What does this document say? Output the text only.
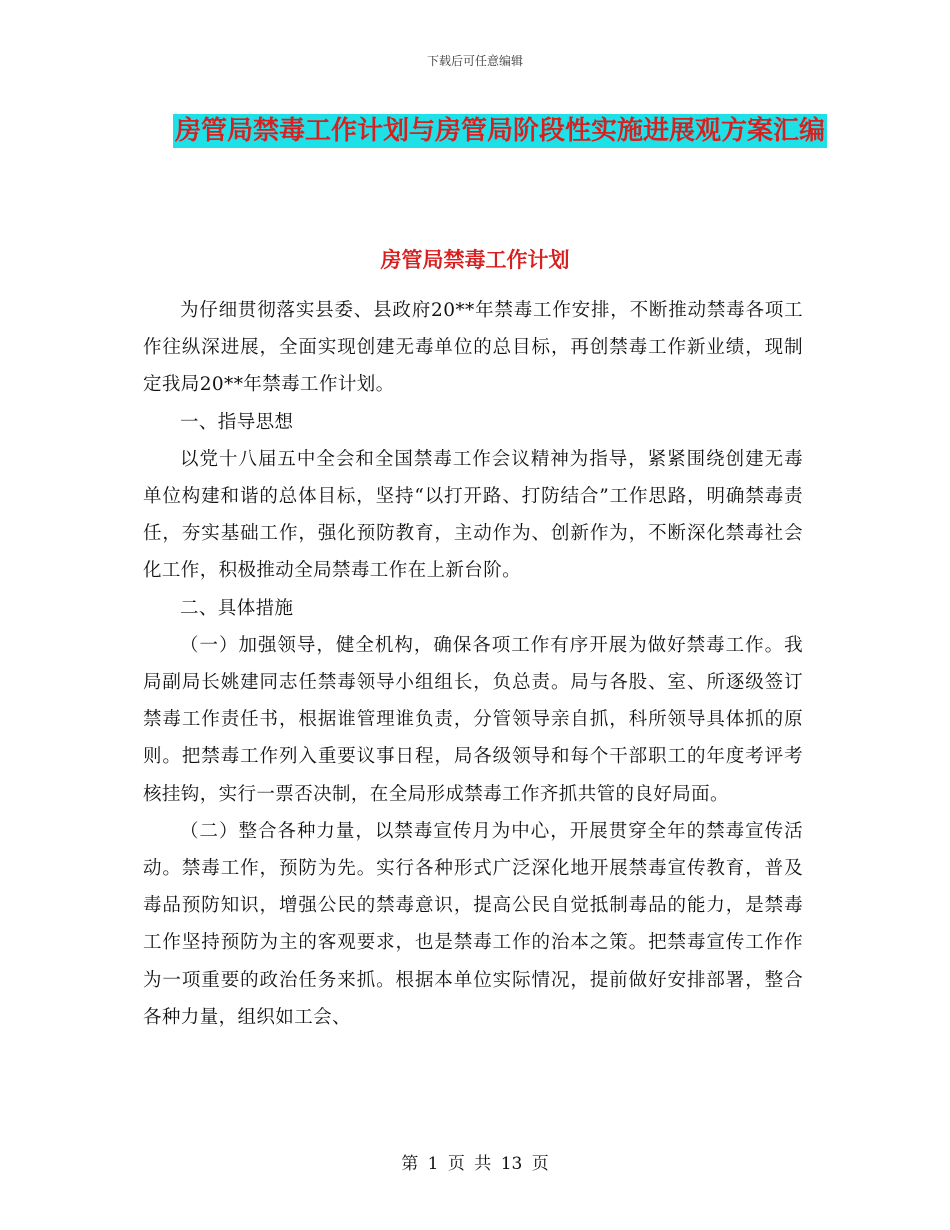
下载后可任意编辑
房管局禁毒工作计划与房管局阶段性实施进展观方案汇编
房管局禁毒工作计划

为仔细贯彻落实县委、县政府20**年禁毒工作安排，不断推动禁毒各项工作往纵深进展，全面实现创建无毒单位的总目标，再创禁毒工作新业绩，现制定我局20**年禁毒工作计划。

一、指导思想

以党十八届五中全会和全国禁毒工作会议精神为指导，紧紧围绕创建无毒单位构建和谐的总体目标，坚持“以打开路、打防结合”工作思路，明确禁毒责任，夯实基础工作，强化预防教育，主动作为、创新作为，不断深化禁毒社会化工作，积极推动全局禁毒工作在上新台阶。

二、具体措施

（一）加强领导，健全机构，确保各项工作有序开展为做好禁毒工作。我局副局长姚建同志任禁毒领导小组组长，负总责。局与各股、室、所逐级签订禁毒工作责任书，根据谁管理谁负责，分管领导亲自抓，科所领导具体抓的原则。把禁毒工作列入重要议事日程，局各级领导和每个干部职工的年度考评考核挂钩，实行一票否决制，在全局形成禁毒工作齐抓共管的良好局面。

（二）整合各种力量，以禁毒宣传月为中心，开展贯穿全年的禁毒宣传活动。禁毒工作，预防为先。实行各种形式广泛深化地开展禁毒宣传教育，普及毒品预防知识，增强公民的禁毒意识，提高公民自觉抵制毒品的能力，是禁毒工作坚持预防为主的客观要求，也是禁毒工作的治本之策。把禁毒宣传工作作为一项重要的政治任务来抓。根据本单位实际情况，提前做好安排部署，整合各种力量，组织如工会、

第 1 页 共 13 页
